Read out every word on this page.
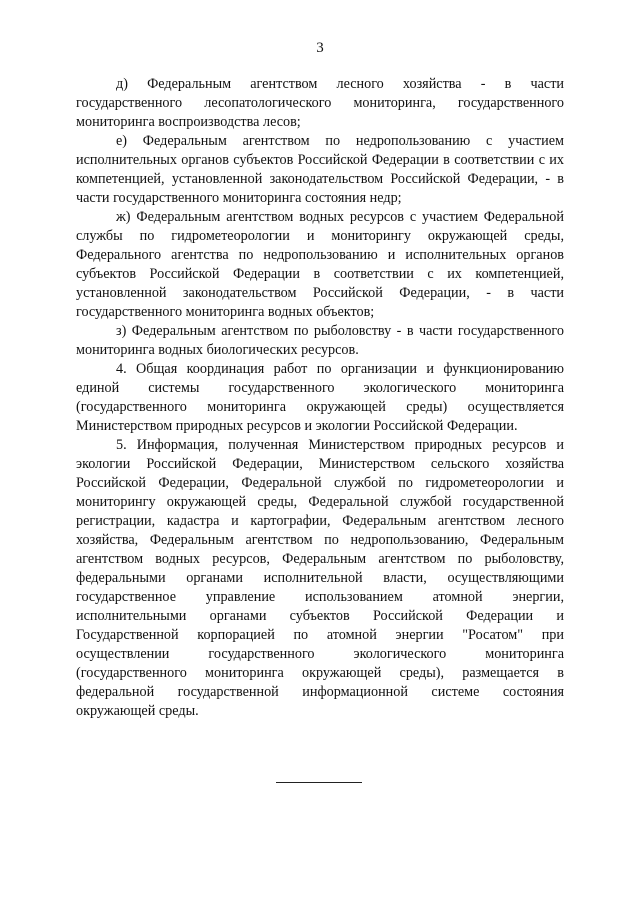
3

д) Федеральным агентством лесного хозяйства - в части государственного лесопатологического мониторинга, государственного мониторинга воспроизводства лесов;

е) Федеральным агентством по недропользованию с участием исполнительных органов субъектов Российской Федерации в соответствии с их компетенцией, установленной законодательством Российской Федерации, - в части государственного мониторинга состояния недр;

ж) Федеральным агентством водных ресурсов с участием Федеральной службы по гидрометеорологии и мониторингу окружающей среды, Федерального агентства по недропользованию и исполнительных органов субъектов Российской Федерации в соответствии с их компетенцией, установленной законодательством Российской Федерации, - в части государственного мониторинга водных объектов;

з) Федеральным агентством по рыболовству - в части государственного мониторинга водных биологических ресурсов.

4. Общая координация работ по организации и функционированию единой системы государственного экологического мониторинга (государственного мониторинга окружающей среды) осуществляется Министерством природных ресурсов и экологии Российской Федерации.

5. Информация, полученная Министерством природных ресурсов и экологии Российской Федерации, Министерством сельского хозяйства Российской Федерации, Федеральной службой по гидрометеорологии и мониторингу окружающей среды, Федеральной службой государственной регистрации, кадастра и картографии, Федеральным агентством лесного хозяйства, Федеральным агентством по недропользованию, Федеральным агентством водных ресурсов, Федеральным агентством по рыболовству, федеральными органами исполнительной власти, осуществляющими государственное управление использованием атомной энергии, исполнительными органами субъектов Российской Федерации и Государственной корпорацией по атомной энергии "Росатом" при осуществлении государственного экологического мониторинга (государственного мониторинга окружающей среды), размещается в федеральной государственной информационной системе состояния окружающей среды.
